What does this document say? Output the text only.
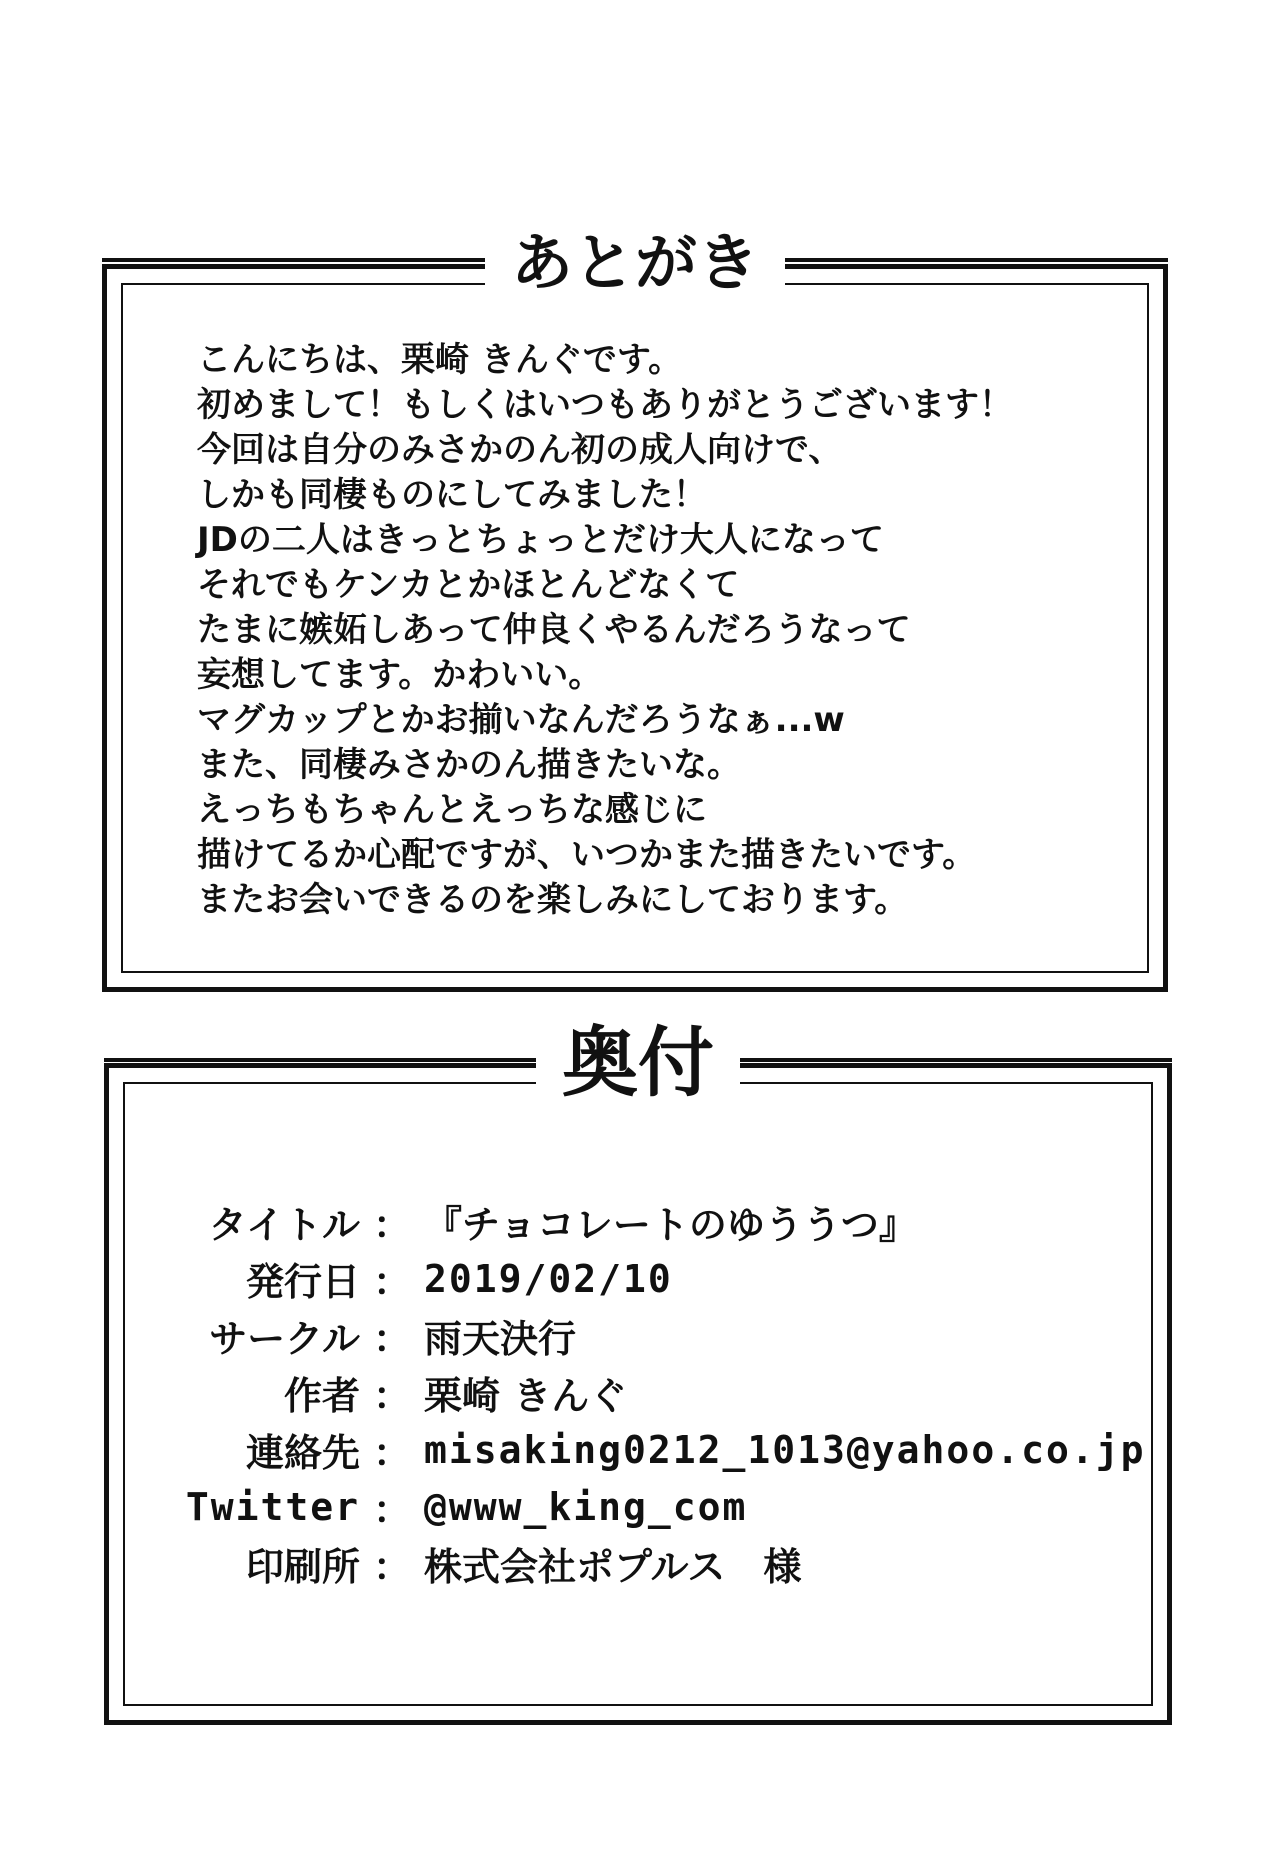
あとがき
こんにちは、栗崎 きんぐです。
初めまして！もしくはいつもありがとうございます！
今回は自分のみさかのん初の成人向けで、
しかも同棲ものにしてみました！
JDの二人はきっとちょっとだけ大人になって
それでもケンカとかほとんどなくて
たまに嫉妬しあって仲良くやるんだろうなって
妄想してます。かわいい。
マグカップとかお揃いなんだろうなぁ...w
また、同棲みさかのん描きたいな。
えっちもちゃんとえっちな感じに
描けてるか心配ですが、いつかまた描きたいです。
またお会いできるのを楽しみにしております。
奥付
タイトル ： 『チョコレートのゆううつ』
発行日 ： 2019/02/10
サークル ： 雨天決行
作者 ： 栗崎 きんぐ
連絡先 ： misaking0212_1013@yahoo.co.jp
Twitter ： @www_king_com
印刷所 ： 株式会社ポプルス　様
